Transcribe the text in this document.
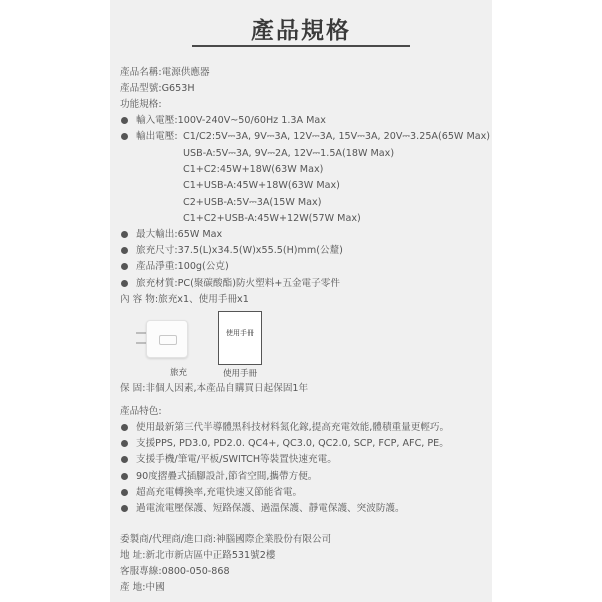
產品規格
產品名稱:電源供應器
產品型號:G653H
功能規格:
輸入電壓:100V-240V~50/60Hz 1.3A Max
輸出電壓: C1/C2:5V⎓3A, 9V⎓3A, 12V⎓3A, 15V⎓3A, 20V⎓3.25A(65W Max)
USB-A:5V⎓3A, 9V⎓2A, 12V⎓1.5A(18W Max)
C1+C2:45W+18W(63W Max)
C1+USB-A:45W+18W(63W Max)
C2+USB-A:5V⎓3A(15W Max)
C1+C2+USB-A:45W+12W(57W Max)
最大輸出:65W Max
旅充尺寸:37.5(L)x34.5(W)x55.5(H)mm(公釐)
產品淨重:100g(公克)
旅充材質:PC(聚碳酸酯)防火塑料+五金電子零件
內 容 物:旅充x1、使用手冊x1
旅充
使用手冊
使用手冊
保 固:非個人因素,本產品自購買日起保固1年
產品特色:
使用最新第三代半導體黑科技材料氮化鎵,提高充電效能,體積重量更輕巧。
支援PPS, PD3.0, PD2.0. QC4+, QC3.0, QC2.0, SCP, FCP, AFC, PE。
支援手機/筆電/平板/SWITCH等裝置快速充電。
90度摺疊式插腳設計,節省空間,攜帶方便。
超高充電轉換率,充電快速又節能省電。
過電流電壓保護、短路保護、過溫保護、靜電保護、突波防護。
委製商/代理商/進口商:神腦國際企業股份有限公司
地 址:新北市新店區中正路531號2樓
客服專線:0800-050-868
產 地:中國
